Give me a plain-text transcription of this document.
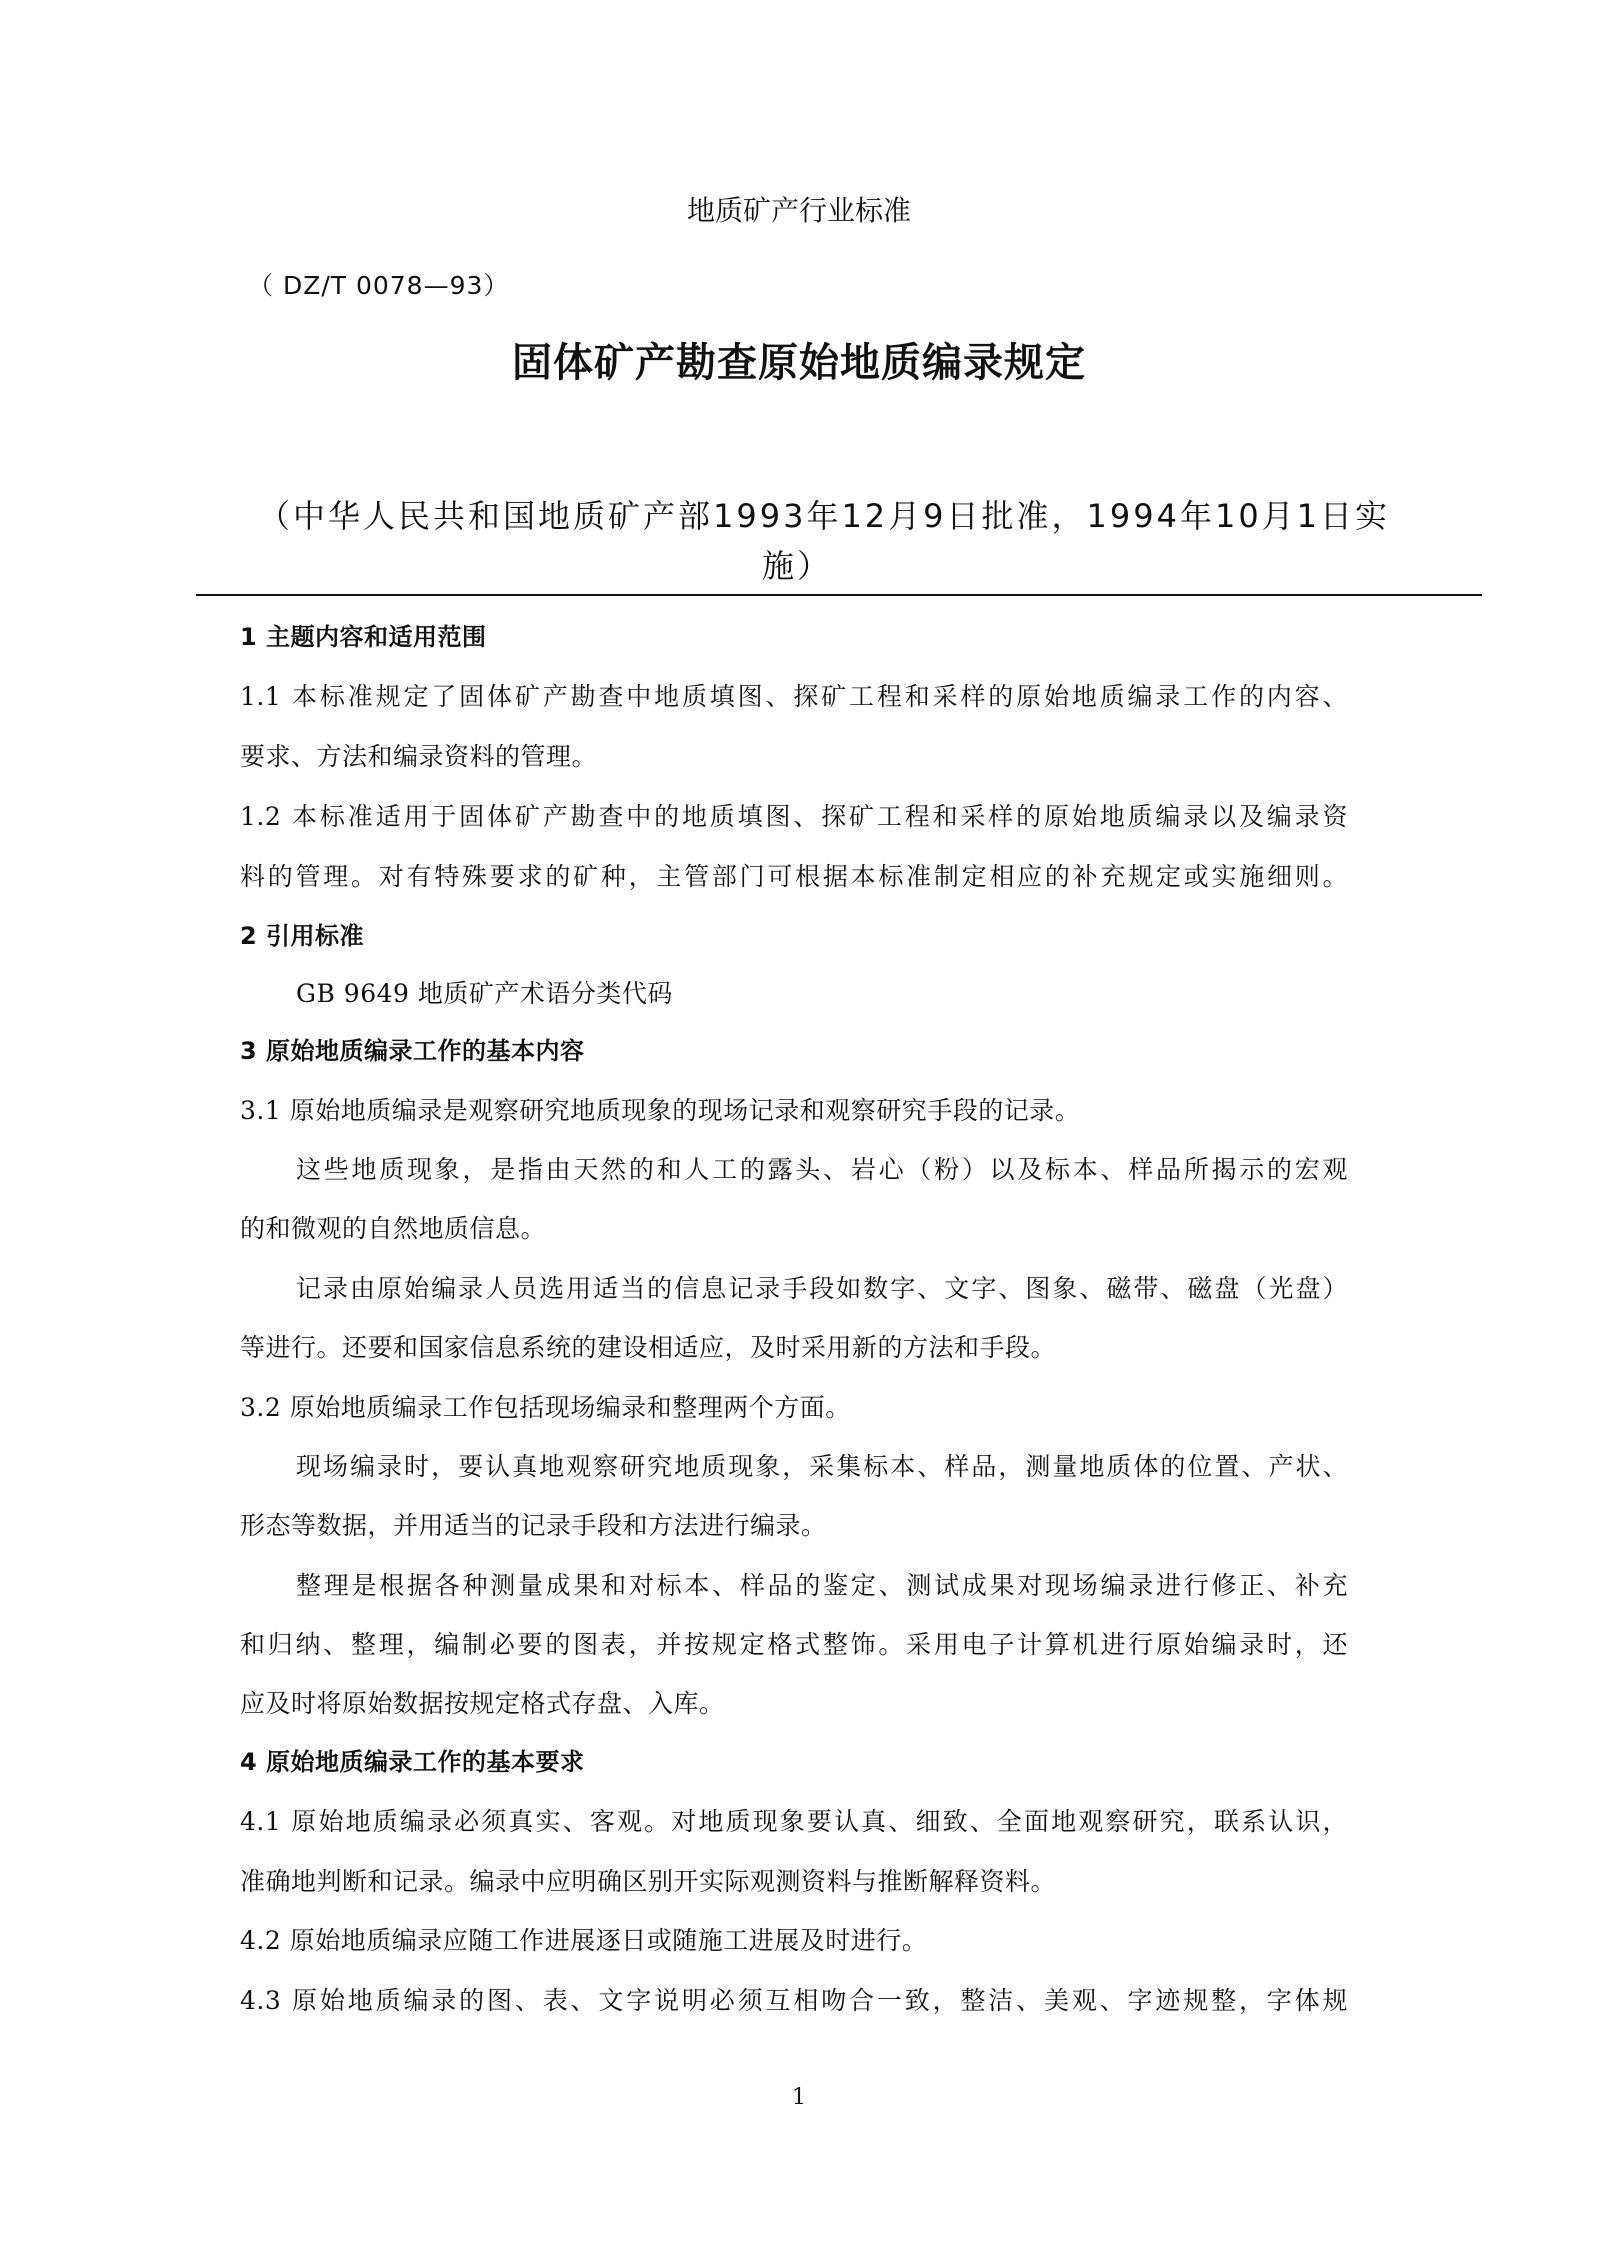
地质矿产行业标准
（ DZ/T 0078—93）
固体矿产勘查原始地质编录规定
（中华人民共和国地质矿产部1993年12月9日批准，1994年10月1日实
施）
1 主题内容和适用范围
1.1 本标准规定了固体矿产勘查中地质填图、探矿工程和采样的原始地质编录工作的内容、
要求、方法和编录资料的管理。
1.2 本标准适用于固体矿产勘查中的地质填图、探矿工程和采样的原始地质编录以及编录资
料的管理。对有特殊要求的矿种，主管部门可根据本标准制定相应的补充规定或实施细则。
2 引用标准
GB 9649 地质矿产术语分类代码
3 原始地质编录工作的基本内容
3.1 原始地质编录是观察研究地质现象的现场记录和观察研究手段的记录。
这些地质现象，是指由天然的和人工的露头、岩心（粉）以及标本、样品所揭示的宏观
的和微观的自然地质信息。
记录由原始编录人员选用适当的信息记录手段如数字、文字、图象、磁带、磁盘（光盘）
等进行。还要和国家信息系统的建设相适应，及时采用新的方法和手段。
3.2 原始地质编录工作包括现场编录和整理两个方面。
现场编录时，要认真地观察研究地质现象，采集标本、样品，测量地质体的位置、产状、
形态等数据，并用适当的记录手段和方法进行编录。
整理是根据各种测量成果和对标本、样品的鉴定、测试成果对现场编录进行修正、补充
和归纳、整理，编制必要的图表，并按规定格式整饰。采用电子计算机进行原始编录时，还
应及时将原始数据按规定格式存盘、入库。
4 原始地质编录工作的基本要求
4.1 原始地质编录必须真实、客观。对地质现象要认真、细致、全面地观察研究，联系认识，
准确地判断和记录。编录中应明确区别开实际观测资料与推断解释资料。
4.2 原始地质编录应随工作进展逐日或随施工进展及时进行。
4.3 原始地质编录的图、表、文字说明必须互相吻合一致，整洁、美观、字迹规整，字体规
1
